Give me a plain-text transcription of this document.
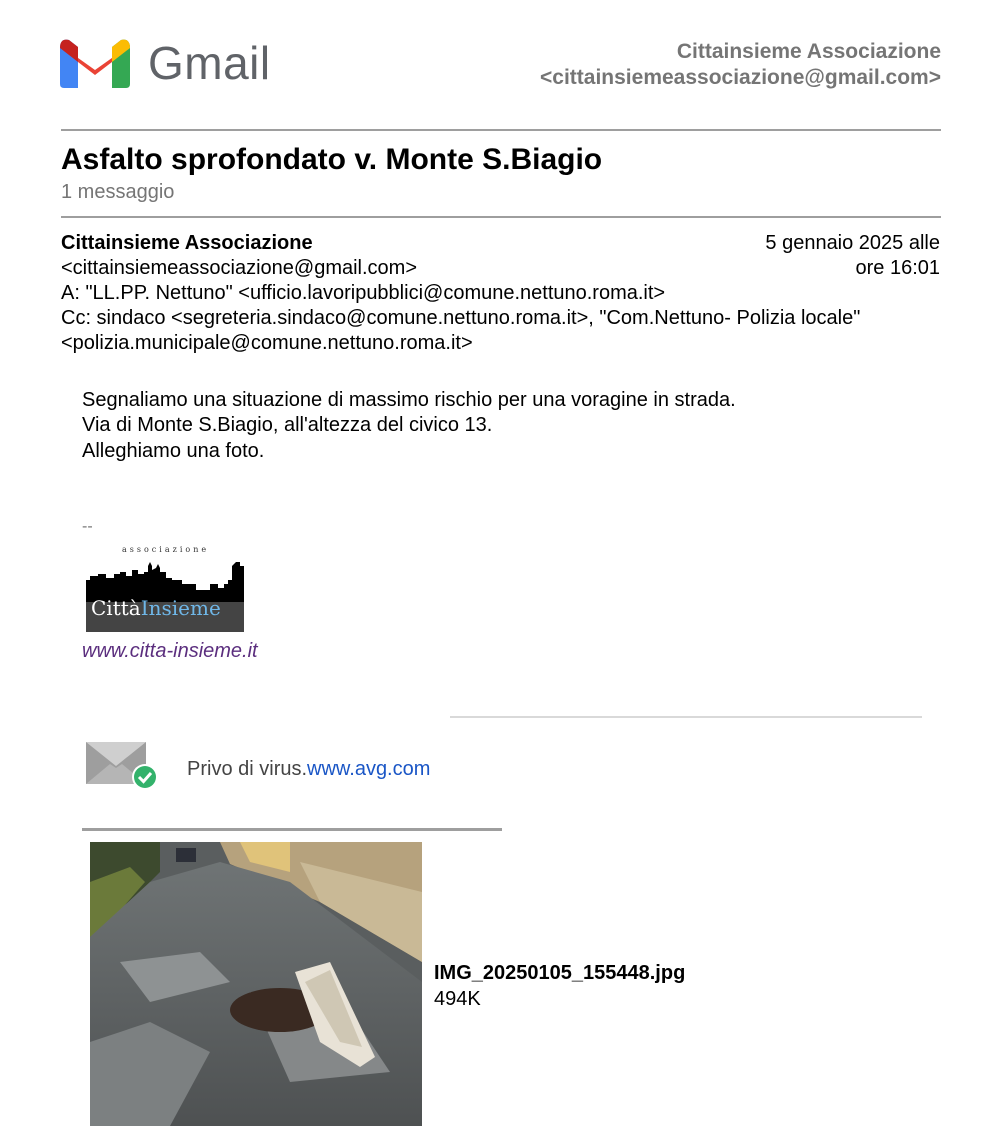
Gmail	Cittainsieme Associazione
<cittainsiemeassociazione@gmail.com>
Asfalto sprofondato v. Monte S.Biagio
1 messaggio
Cittainsieme Associazione
<cittainsiemeassociazione@gmail.com>
5 gennaio 2025 alle
ore 16:01
A: "LL.PP. Nettuno" <ufficio.lavoripubblici@comune.nettuno.roma.it>
Cc: sindaco <segreteria.sindaco@comune.nettuno.roma.it>, "Com.Nettuno- Polizia locale" <polizia.municipale@comune.nettuno.roma.it>
Segnaliamo una situazione di massimo rischio per una voragine in strada.
Via di Monte S.Biagio, all'altezza del civico 13.
Alleghiamo una foto.
--
associazione
CittàInsieme
www.citta-insieme.it
Privo di virus.www.avg.com
IMG_20250105_155448.jpg
494K
